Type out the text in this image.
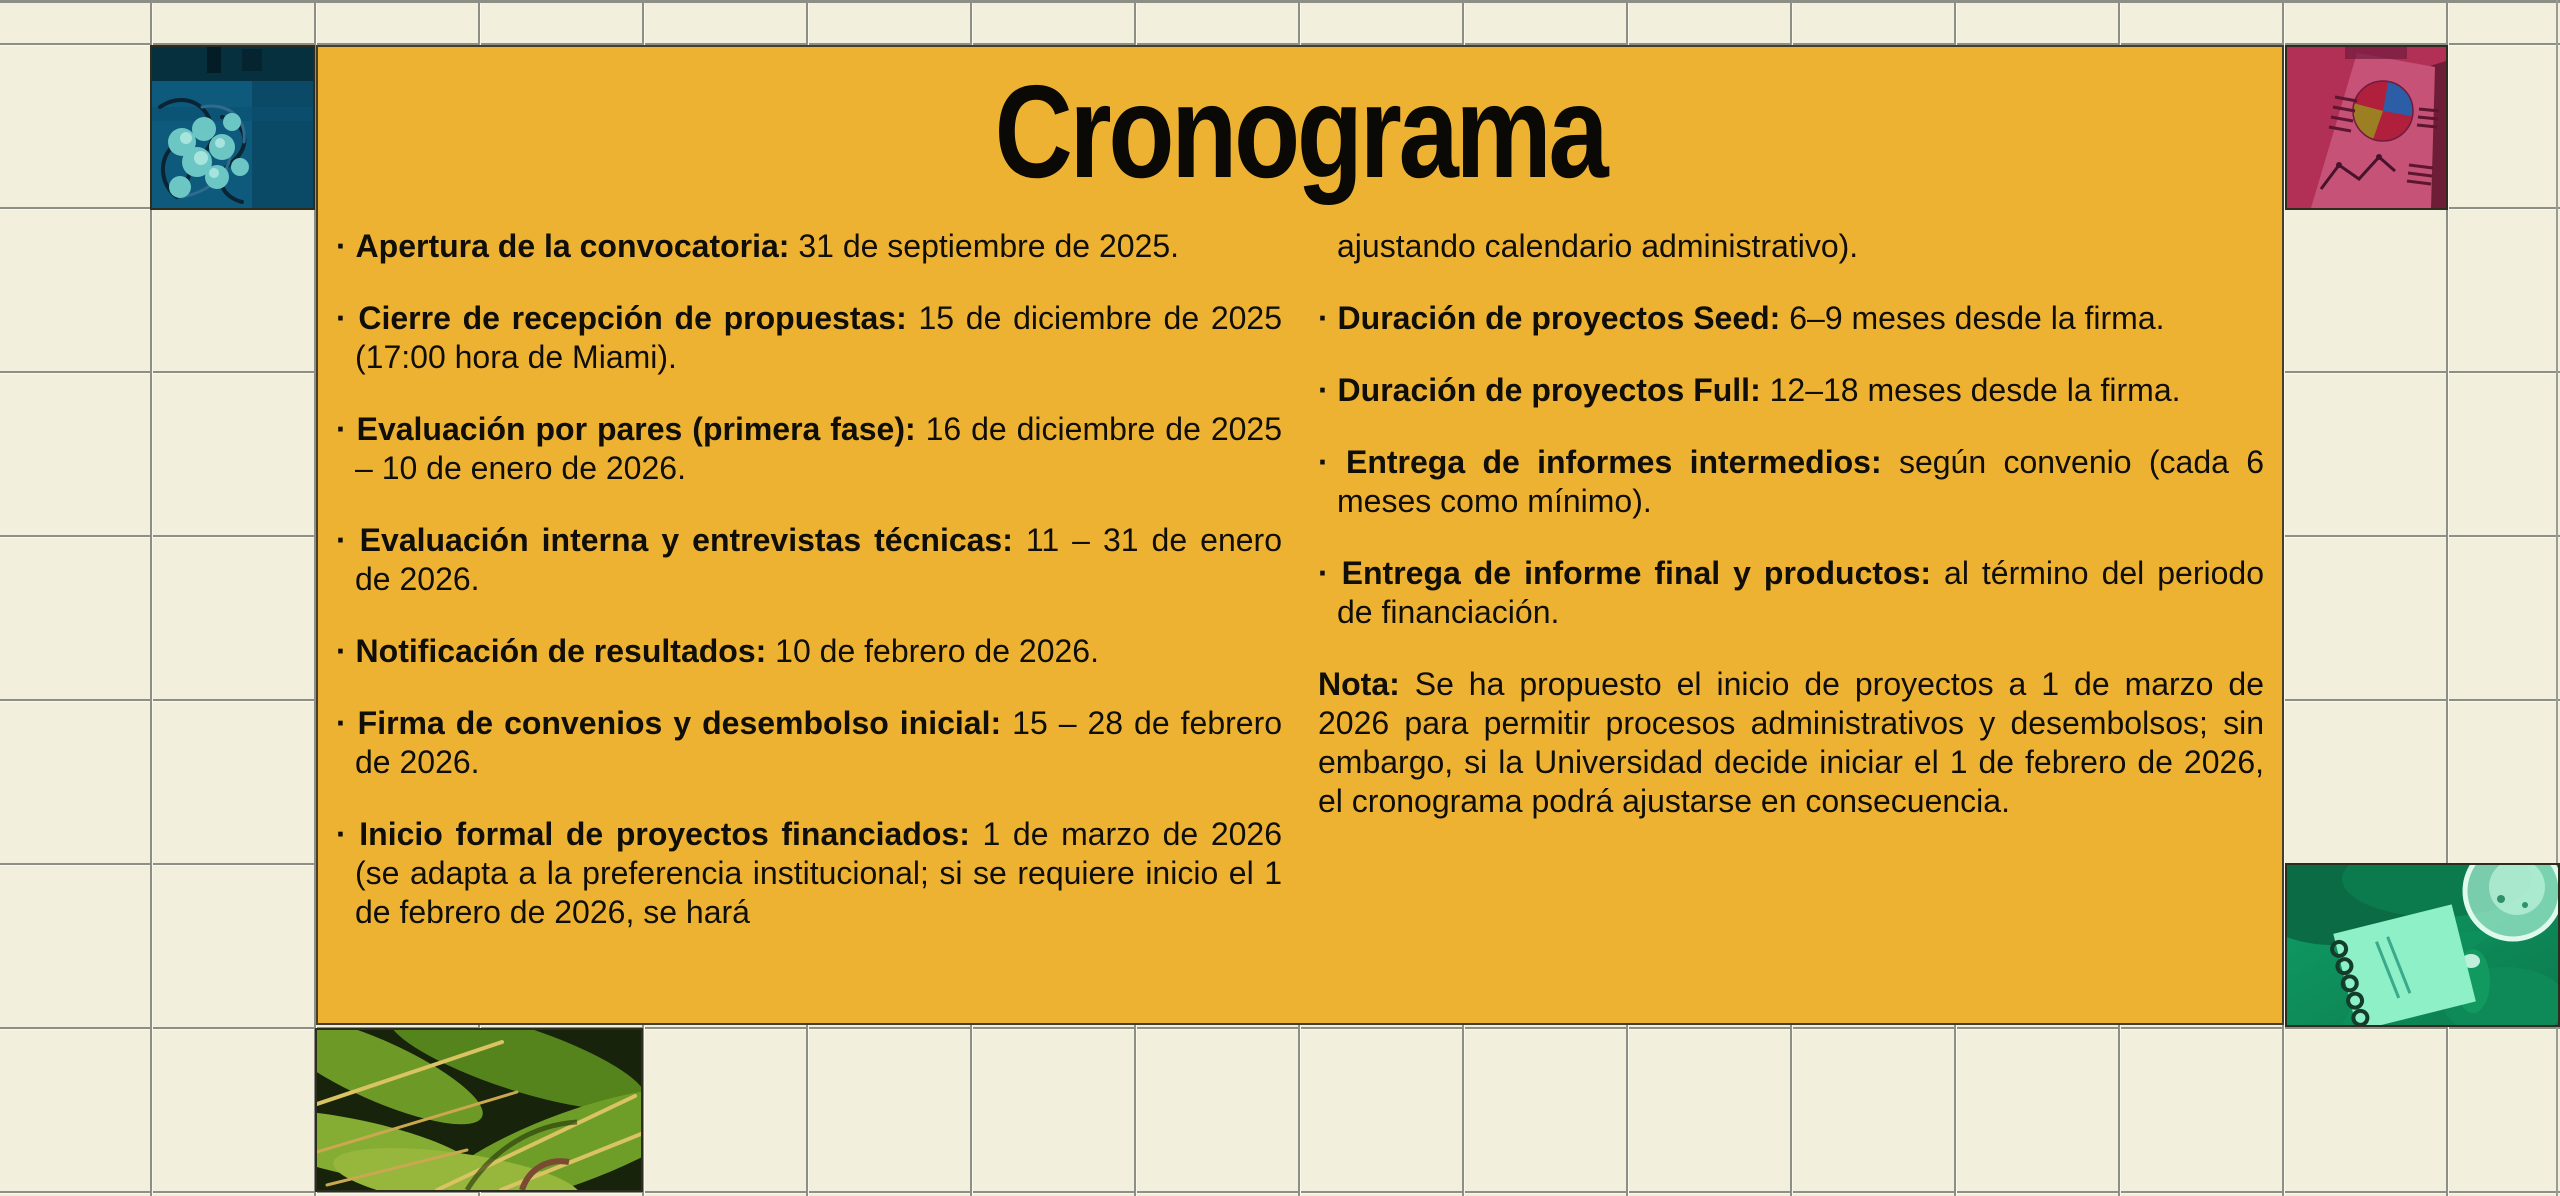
Cronograma

· Apertura de la convocatoria: 31 de septiembre de 2025.

· Cierre de recepción de propuestas: 15 de diciembre de 2025 (17:00 hora de Miami).

· Evaluación por pares (primera fase): 16 de diciembre de 2025 – 10 de enero de 2026.

· Evaluación interna y entrevistas técnicas: 11 – 31 de enero de 2026.

· Notificación de resultados: 10 de febrero de 2026.

· Firma de convenios y desembolso inicial: 15 – 28 de febrero de 2026.

· Inicio formal de proyectos financiados: 1 de marzo de 2026 (se adapta a la preferencia institucional; si se requiere inicio el 1 de febrero de 2026, se hará

ajustando calendario administrativo).

· Duración de proyectos Seed: 6–9 meses desde la firma.

· Duración de proyectos Full: 12–18 meses desde la firma.

· Entrega de informes intermedios: según convenio (cada 6 meses como mínimo).

· Entrega de informe final y productos: al término del periodo de financiación.

Nota: Se ha propuesto el inicio de proyectos a 1 de marzo de 2026 para permitir procesos administrativos y desembolsos; sin embargo, si la Universidad decide iniciar el 1 de febrero de 2026, el cronograma podrá ajustarse en consecuencia.
